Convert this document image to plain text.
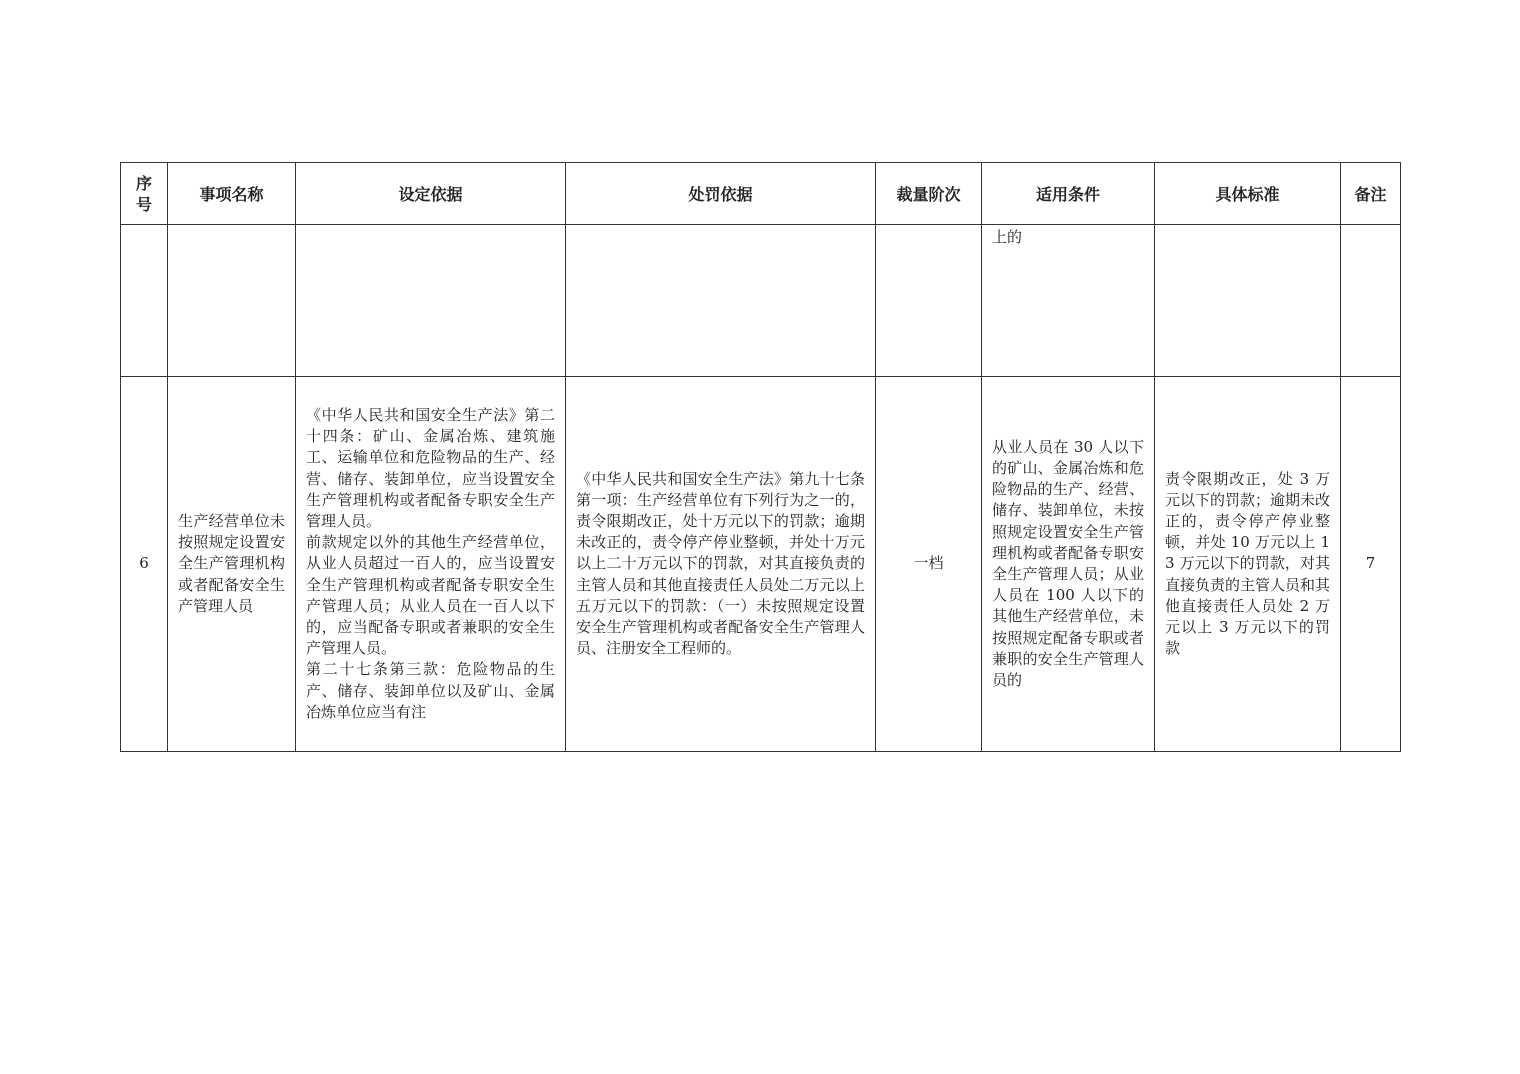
序
号	事项名称	设定依据	处罚依据	裁量阶次	适用条件	具体标准	备注

					上的		

6	生产经营单位未按照规定设置安全生产管理机构或者配备安全生产管理人员	《中华人民共和国安全生产法》第二十四条：矿山、金属冶炼、建筑施工、运输单位和危险物品的生产、经营、储存、装卸单位，应当设置安全生产管理机构或者配备专职安全生产管理人员。
前款规定以外的其他生产经营单位，从业人员超过一百人的，应当设置安全生产管理机构或者配备专职安全生产管理人员；从业人员在一百人以下的，应当配备专职或者兼职的安全生产管理人员。
第二十七条第三款：危险物品的生产、储存、装卸单位以及矿山、金属冶炼单位应当有注	《中华人民共和国安全生产法》第九十七条第一项：生产经营单位有下列行为之一的，责令限期改正，处十万元以下的罚款；逾期未改正的，责令停产停业整顿，并处十万元以上二十万元以下的罚款，对其直接负责的主管人员和其他直接责任人员处二万元以上五万元以下的罚款：（一）未按照规定设置安全生产管理机构或者配备安全生产管理人员、注册安全工程师的。	一档	从业人员在 30 人以下的矿山、金属冶炼和危险物品的生产、经营、储存、装卸单位，未按照规定设置安全生产管理机构或者配备专职安全生产管理人员；从业人员在 100 人以下的其他生产经营单位，未按照规定配备专职或者兼职的安全生产管理人员的	责令限期改正，处 3 万元以下的罚款；逾期未改正的，责令停产停业整顿，并处 10 万元以上 13 万元以下的罚款，对其直接负责的主管人员和其他直接责任人员处 2 万元以上 3 万元以下的罚款	7
